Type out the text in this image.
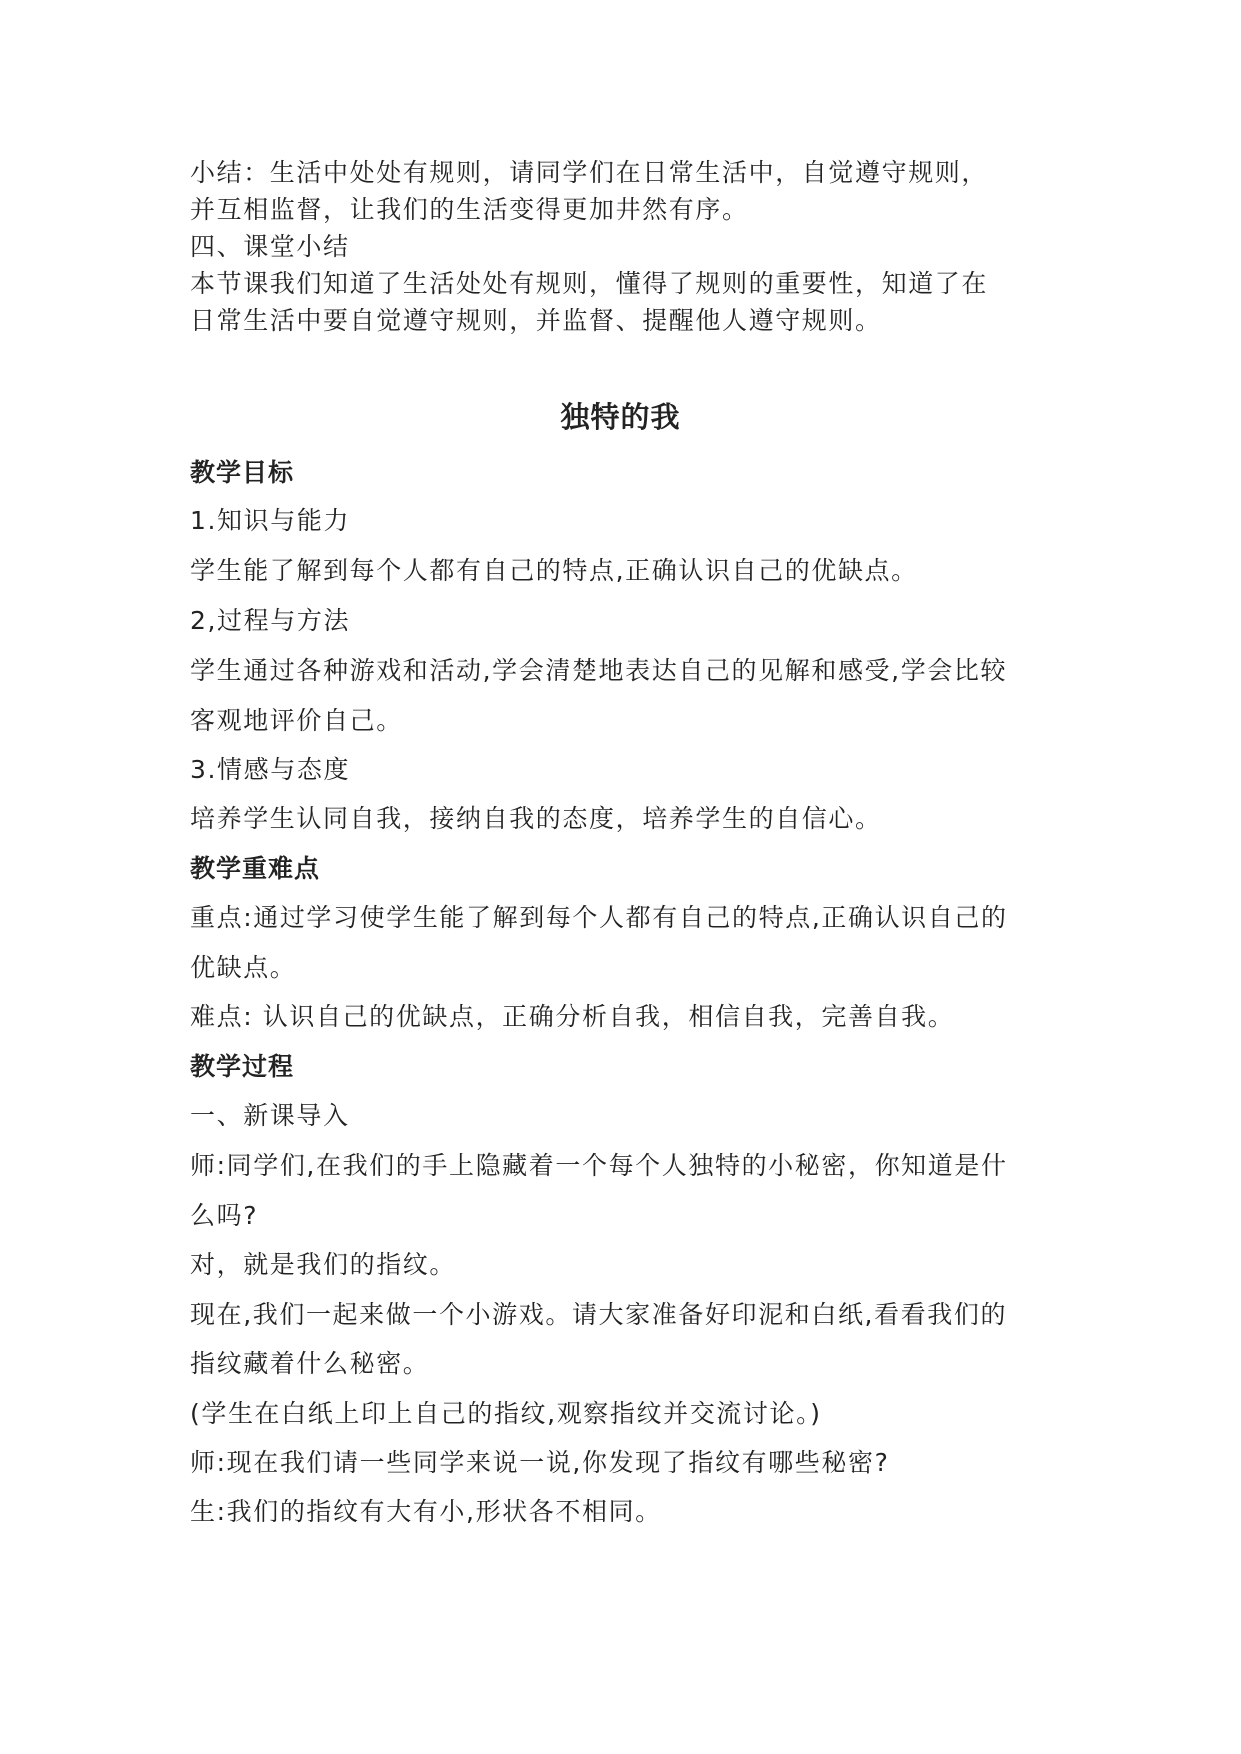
小结：生活中处处有规则，请同学们在日常生活中，自觉遵守规则，
并互相监督，让我们的生活变得更加井然有序。
四、课堂小结
本节课我们知道了生活处处有规则，懂得了规则的重要性，知道了在
日常生活中要自觉遵守规则，并监督、提醒他人遵守规则。
独特的我
教学目标
1.知识与能力
学生能了解到每个人都有自己的特点,正确认识自己的优缺点。
2,过程与方法
学生通过各种游戏和活动,学会清楚地表达自己的见解和感受,学会比较
客观地评价自己。
3.情感与态度
培养学生认同自我，接纳自我的态度，培养学生的自信心。
教学重难点
重点:通过学习使学生能了解到每个人都有自己的特点,正确认识自己的
优缺点。
难点: 认识自己的优缺点，正确分析自我，相信自我，完善自我。
教学过程
一、新课导入
师:同学们,在我们的手上隐藏着一个每个人独特的小秘密，你知道是什
么吗?
对，就是我们的指纹。
现在,我们一起来做一个小游戏。请大家准备好印泥和白纸,看看我们的
指纹藏着什么秘密。
(学生在白纸上印上自己的指纹,观察指纹并交流讨论。)
师:现在我们请一些同学来说一说,你发现了指纹有哪些秘密?
生:我们的指纹有大有小,形状各不相同。
